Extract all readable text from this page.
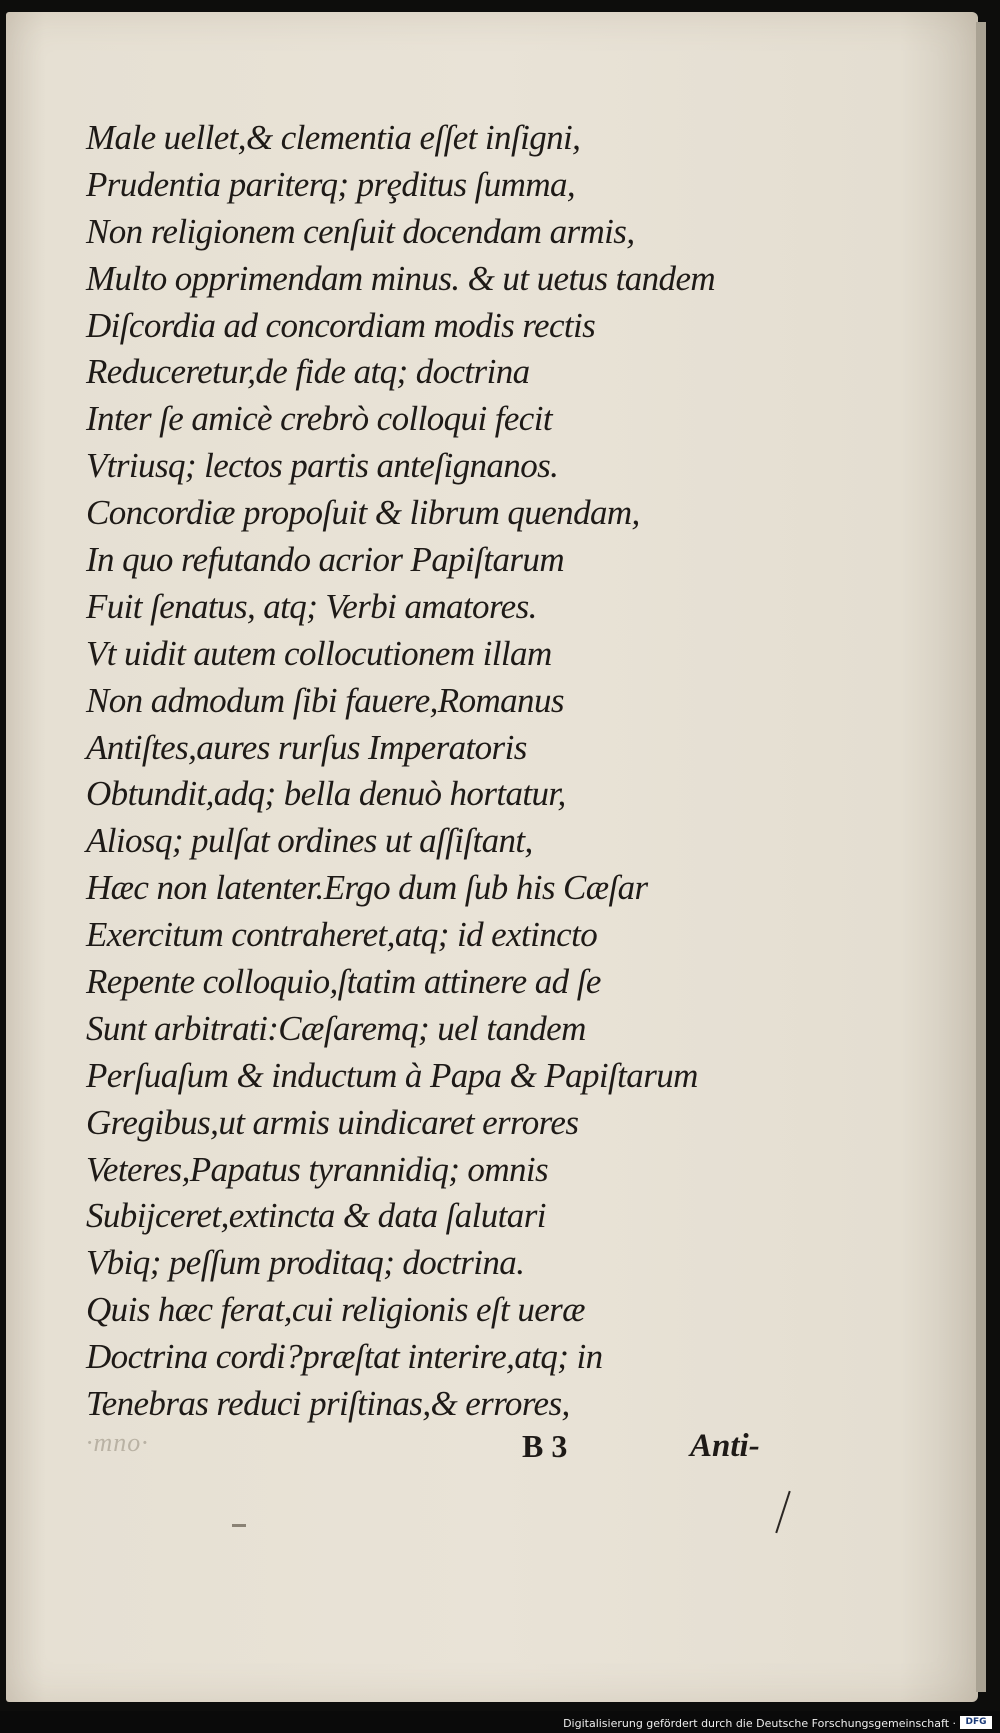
Male uellet,& clementia eſſet inſigni,
Prudentia pariterq; prȩditus ſumma,
Non religionem cenſuit docendam armis,
Multo opprimendam minus. & ut uetus tandem
Diſcordia ad concordiam modis rectis
Reduceretur,de fide atq; doctrina
Inter ſe amicè crebrò colloqui fecit
Vtriusq; lectos partis anteſignanos.
Concordiæ propoſuit & librum quendam,
In quo refutando acrior Papiſtarum
Fuit ſenatus, atq; Verbi amatores.
Vt uidit autem collocutionem illam
Non admodum ſibi fauere,Romanus
Antiſtes,aures rurſus Imperatoris
Obtundit,adq; bella denuò hortatur,
Aliosq; pulſat ordines ut aſſiſtant,
Hæc non latenter.Ergo dum ſub his Cæſar
Exercitum contraheret,atq; id extincto
Repente colloquio,ſtatim attinere ad ſe
Sunt arbitrati:Cæſaremq; uel tandem
Perſuaſum & inductum à Papa & Papiſtarum
Gregibus,ut armis uindicaret errores
Veteres,Papatus tyrannidiq; omnis
Subijceret,extincta & data ſalutari
Vbiq; peſſum proditaq; doctrina.
Quis hæc ferat,cui religionis eſt ueræ
Doctrina cordi?præſtat interire,atq; in
Tenebras reduci priſtinas,& errores,
·mno·	B 3	Anti-
Digitalisierung gefördert durch die Deutsche Forschungsgemeinschaft ·	DFG
